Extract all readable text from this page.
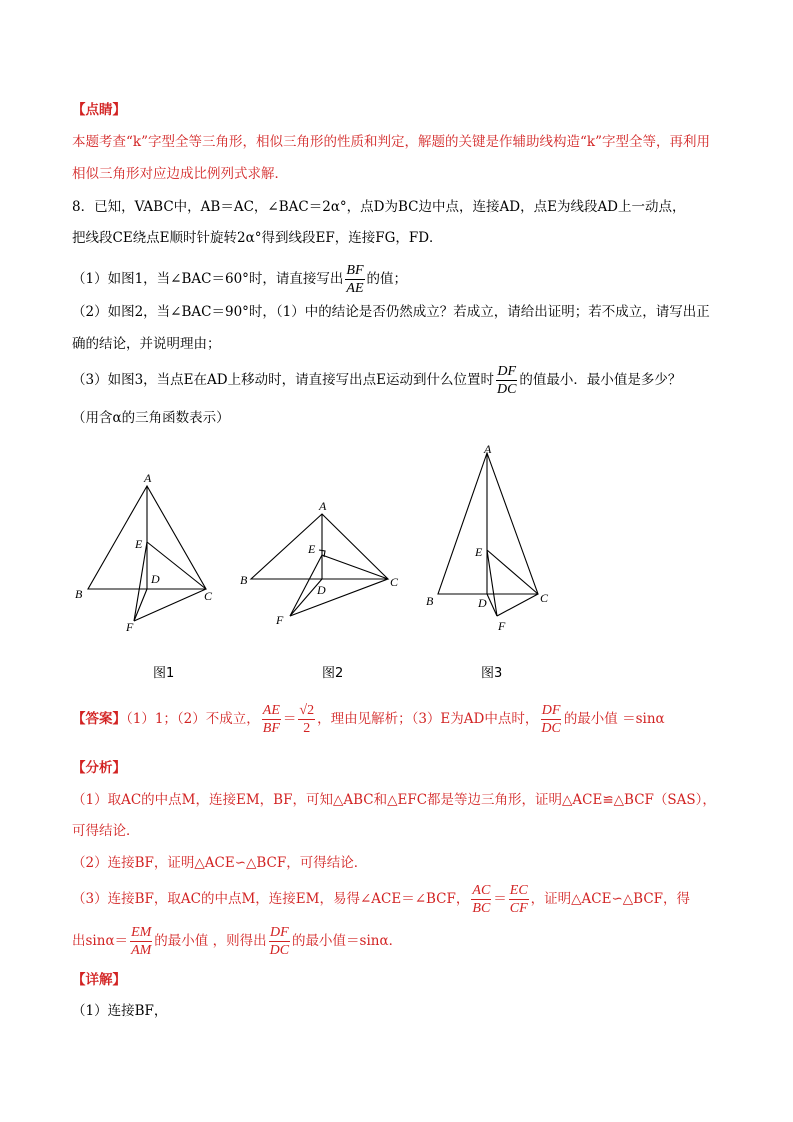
【点睛】
本题考查“k”字型全等三角形，相似三角形的性质和判定，解题的关键是作辅助线构造“k”字型全等，再利用
相似三角形对应边成比例列式求解．
8．已知，VABC中，AB＝AC，∠BAC＝2α°，点D为BC边中点，连接AD，点E为线段AD上一动点，
把线段CE绕点E顺时针旋转2α°得到线段EF，连接FG，FD．
（1）如图1，当∠BAC＝60°时，请直接写出 $\frac{BF}{AE}$ 的值；
（2）如图2，当∠BAC＝90°时，（1）中的结论是否仍然成立？若成立，请给出证明；若不成立，请写出正
确的结论，并说明理由；
（3）如图3，当点E在AD上移动时，请直接写出点E运动到什么位置时 $\frac{DF}{DC}$ 的值最小．最小值是多少？
（用含α的三角函数表示）
A
B	C
D
E
F
图1
A
B	C
D
E
F
图2
A
B	C
D
E
F
图3
【答案】（1）1；（2）不成立， $\frac{AE}{BF} = \frac{√2}{2}$ ，理由见解析；（3）E为AD中点时， $\frac{DF}{DC}$ 的最小值 ＝sinα
【分析】
（1）取AC的中点M，连接EM，BF，可知△ABC和△EFC都是等边三角形，证明△ACE≌△BCF（SAS），
可得结论．
（2）连接BF，证明△ACE∽△BCF，可得结论．
（3）连接BF，取AC的中点M，连接EM，易得∠ACE＝∠BCF， $\frac{AC}{BC} = \frac{EC}{CF}$ ，证明△ACE∽△BCF，得
出$\sin\alpha= \frac{EM}{AM}$ 的最小值 ，则得出 $\frac{DF}{DC}$ 的最小值＝sinα．
【详解】
（1）连接BF，
